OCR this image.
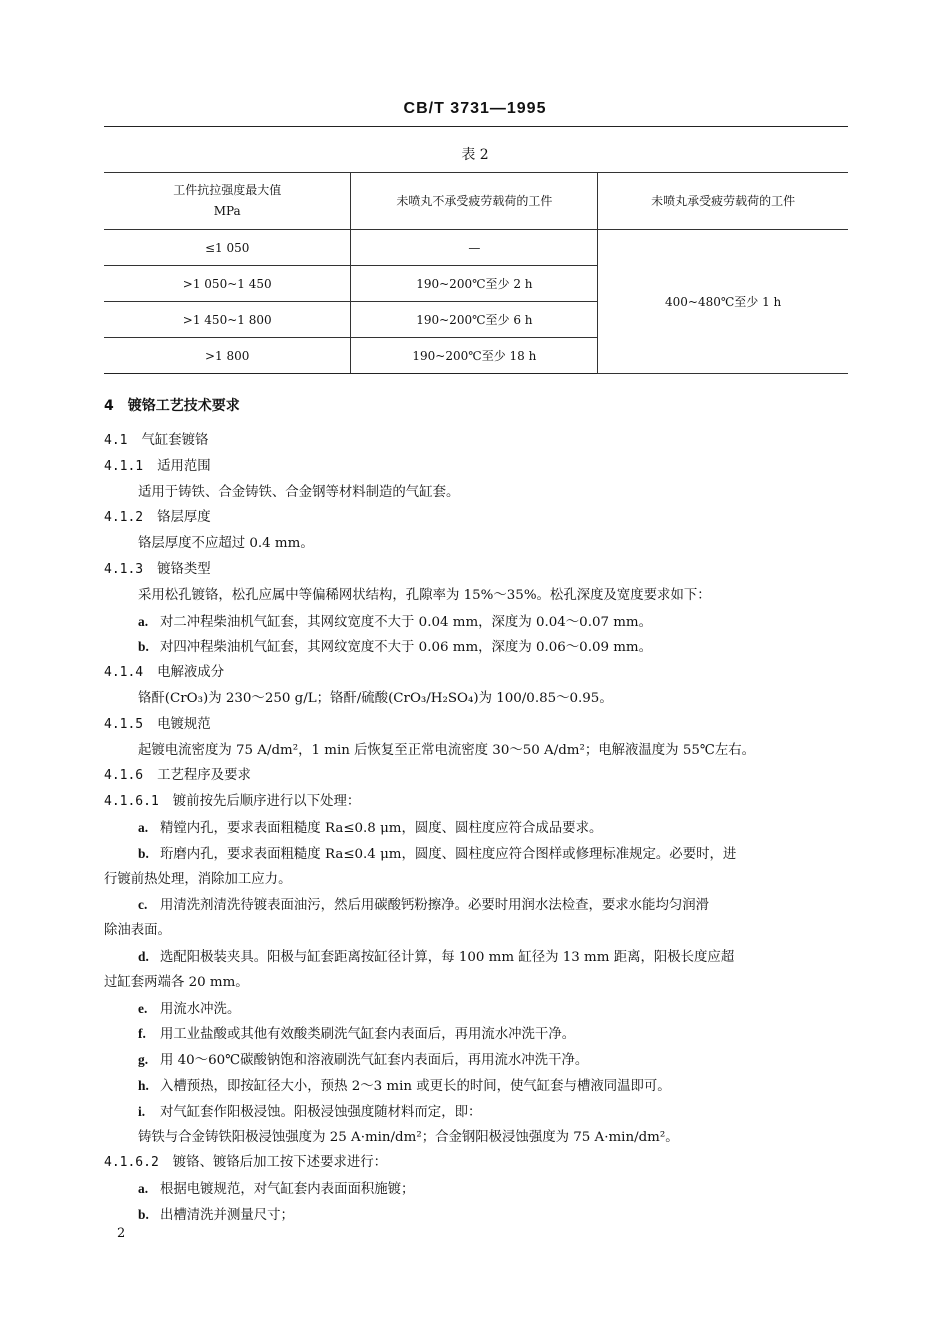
CB/T 3731—1995
表 2
工件抗拉强度最大值
MPa	未喷丸不承受疲劳载荷的工件	未喷丸承受疲劳载荷的工件
≤1 050	—	400~480℃至少 1 h
>1 050~1 450	190~200℃至少 2 h	
>1 450~1 800	190~200℃至少 6 h	
>1 800	190~200℃至少 18 h	
4 镀铬工艺技术要求
4.1 气缸套镀铬
4.1.1 适用范围
适用于铸铁、合金铸铁、合金钢等材料制造的气缸套。
4.1.2 铬层厚度
铬层厚度不应超过 0.4 mm。
4.1.3 镀铬类型
采用松孔镀铬，松孔应属中等偏稀网状结构，孔隙率为 15%～35%。松孔深度及宽度要求如下：
a. 对二冲程柴油机气缸套，其网纹宽度不大于 0.04 mm，深度为 0.04～0.07 mm。
b. 对四冲程柴油机气缸套，其网纹宽度不大于 0.06 mm，深度为 0.06～0.09 mm。
4.1.4 电解液成分
铬酐(CrO₃)为 230～250 g/L；铬酐/硫酸(CrO₃/H₂SO₄)为 100/0.85～0.95。
4.1.5 电镀规范
起镀电流密度为 75 A/dm²，1 min 后恢复至正常电流密度 30～50 A/dm²；电解液温度为 55℃左右。
4.1.6 工艺程序及要求
4.1.6.1 镀前按先后顺序进行以下处理：
a. 精镗内孔，要求表面粗糙度 Ra≤0.8 μm，圆度、圆柱度应符合成品要求。
b. 珩磨内孔，要求表面粗糙度 Ra≤0.4 μm，圆度、圆柱度应符合图样或修理标准规定。必要时，进
行镀前热处理，消除加工应力。
c. 用清洗剂清洗待镀表面油污，然后用碳酸钙粉擦净。必要时用润水法检查，要求水能均匀润滑
除油表面。
d. 选配阳极装夹具。阳极与缸套距离按缸径计算，每 100 mm 缸径为 13 mm 距离，阳极长度应超
过缸套两端各 20 mm。
e. 用流水冲洗。
f. 用工业盐酸或其他有效酸类刷洗气缸套内表面后，再用流水冲洗干净。
g. 用 40～60℃碳酸钠饱和溶液刷洗气缸套内表面后，再用流水冲洗干净。
h. 入槽预热，即按缸径大小，预热 2～3 min 或更长的时间，使气缸套与槽液同温即可。
i. 对气缸套作阳极浸蚀。阳极浸蚀强度随材料而定，即：
铸铁与合金铸铁阳极浸蚀强度为 25 A·min/dm²；合金钢阳极浸蚀强度为 75 A·min/dm²。
4.1.6.2 镀铬、镀铬后加工按下述要求进行：
a. 根据电镀规范，对气缸套内表面面积施镀；
b. 出槽清洗并测量尺寸；
2
